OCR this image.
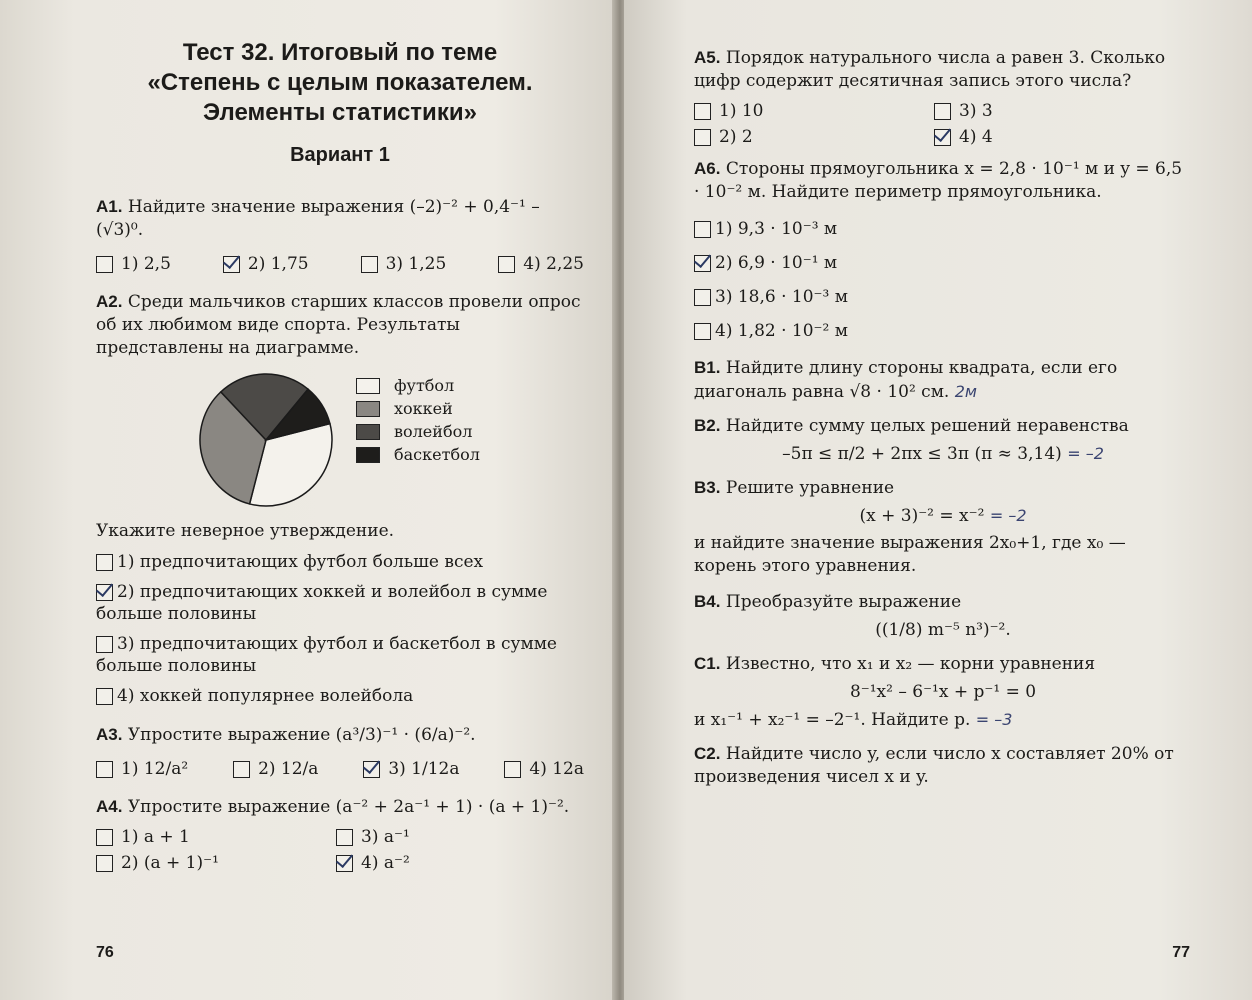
Тест 32. Итоговый по теме
«Степень с целым показателем.
Элементы статистики»
Вариант 1

А1. Найдите значение выражения (–2)⁻² + 0,4⁻¹ – (√3)⁰.

1) 2,5	2) 1,75	3) 1,25	4) 2,25

А2. Среди мальчиков старших классов провели опрос об их любимом виде спорта. Результаты представлены на диаграмме.

футбол
хоккей
волейбол
баскетбол

Укажите неверное утверждение.

1) предпочитающих футбол больше всех
2) предпочитающих хоккей и волейбол в сумме больше половины
3) предпочитающих футбол и баскетбол в сумме больше половины
4) хоккей популярнее волейбола

А3. Упростите выражение (a³/3)⁻¹ · (6/a)⁻².

1) 12/a²	2) 12/a	3) 1/12a	4) 12a

А4. Упростите выражение (a⁻² + 2a⁻¹ + 1) · (a + 1)⁻².

1) a + 1	3) a⁻¹
2) (a + 1)⁻¹	4) a⁻²
76

А5. Порядок натурального числа a равен 3. Сколько цифр содержит десятичная запись этого числа?

1) 10	3) 3
2) 2	4) 4

А6. Стороны прямоугольника x = 2,8 · 10⁻¹ м и y = 6,5 · 10⁻² м. Найдите периметр прямоугольника.

1) 9,3 · 10⁻³ м
2) 6,9 · 10⁻¹ м
3) 18,6 · 10⁻³ м
4) 1,82 · 10⁻² м

В1. Найдите длину стороны квадрата, если его диагональ равна √8 · 10² см. 2м

В2. Найдите сумму целых решений неравенства

–5π ≤ π/2 + 2πx ≤ 3π (π ≈ 3,14) = –2

В3. Решите уравнение

(x + 3)⁻² = x⁻² = –2

и найдите значение выражения 2x₀+1, где x₀ — корень этого уравнения.

В4. Преобразуйте выражение

((1/8) m⁻⁵ n³)⁻².

С1. Известно, что x₁ и x₂ — корни уравнения

8⁻¹x² – 6⁻¹x + p⁻¹ = 0

и x₁⁻¹ + x₂⁻¹ = –2⁻¹. Найдите p. = –3

С2. Найдите число y, если число x составляет 20% от произведения чисел x и y.

77
